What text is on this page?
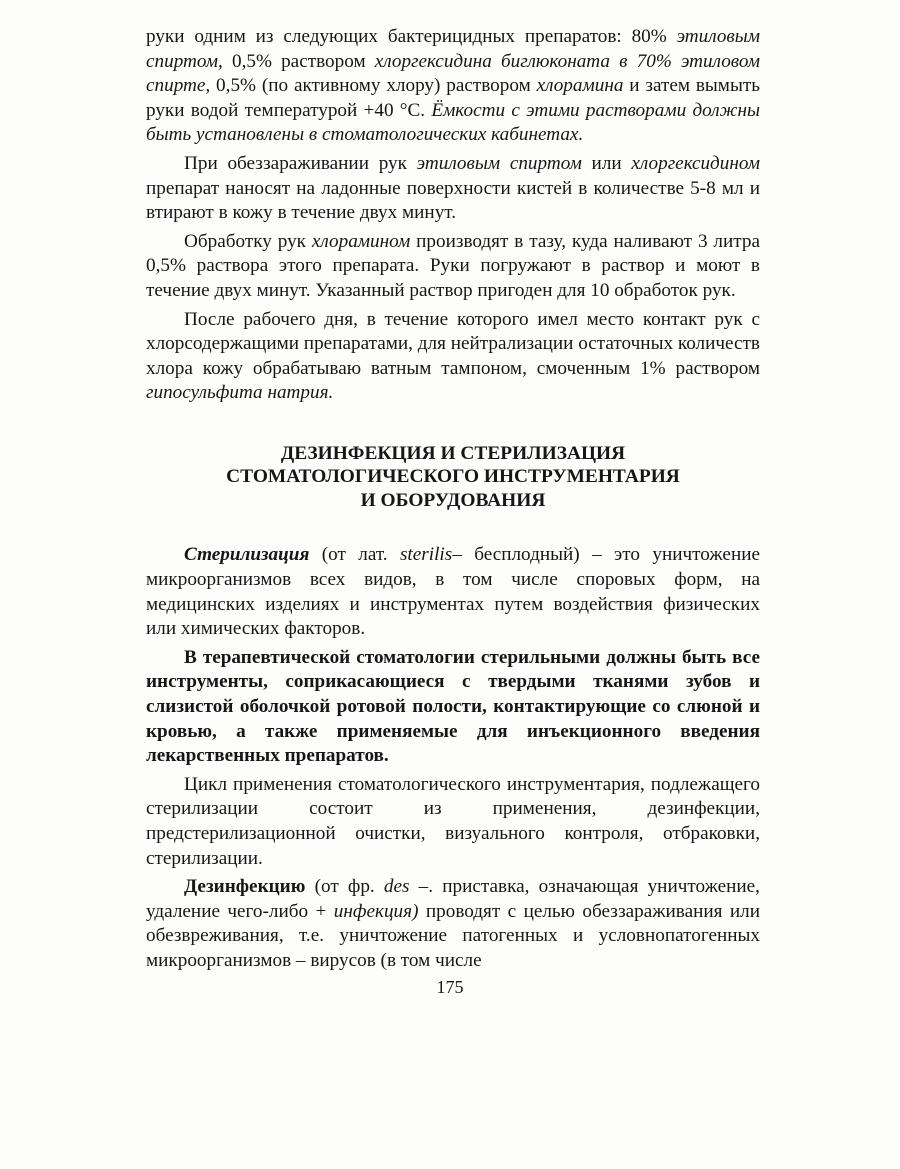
руки одним из следующих бактерицидных препаратов: 80% этиловым спиртом, 0,5% раствором хлоргексидина биглюконата в 70% этиловом спирте, 0,5% (по активному хлору) раствором хлорамина и затем вымыть руки водой температурой +40 °С. Ёмкости с этими растворами должны быть установлены в стоматологических кабинетах.

При обеззараживании рук этиловым спиртом или хлоргексидином препарат наносят на ладонные поверхности кистей в количестве 5-8 мл и втирают в кожу в течение двух минут.

Обработку рук хлорамином производят в тазу, куда наливают 3 литра 0,5% раствора этого препарата. Руки погружают в раствор и моют в течение двух минут. Указанный раствор пригоден для 10 обработок рук.

После рабочего дня, в течение которого имел место контакт рук с хлорсодержащими препаратами, для нейтрализации остаточных количеств хлора кожу обрабатываю ватным тампоном, смоченным 1% раствором гипосульфита натрия.

ДЕЗИНФЕКЦИЯ И СТЕРИЛИЗАЦИЯ
СТОМАТОЛОГИЧЕСКОГО ИНСТРУМЕНТАРИЯ
И ОБОРУДОВАНИЯ

Стерилизация (от лат. sterilis– бесплодный) – это уничтожение микроорганизмов всех видов, в том числе споровых форм, на медицинских изделиях и инструментах путем воздействия физических или химических факторов.

В терапевтической стоматологии стерильными должны быть все инструменты, соприкасающиеся с твердыми тканями зубов и слизистой оболочкой ротовой полости, контактирующие со слюной и кровью, а также применяемые для инъекционного введения лекарственных препаратов.

Цикл применения стоматологического инструментария, подлежащего стерилизации состоит из применения, дезинфекции, предстерилизационной очистки, визуального контроля, отбраковки, стерилизации.

Дезинфекцию (от фр. des –. приставка, означающая уничтожение, удаление чего-либо + инфекция) проводят с целью обеззараживания или обезвреживания, т.е. уничтожение патогенных и условнопатогенных микроорганизмов – вирусов (в том числе

175
